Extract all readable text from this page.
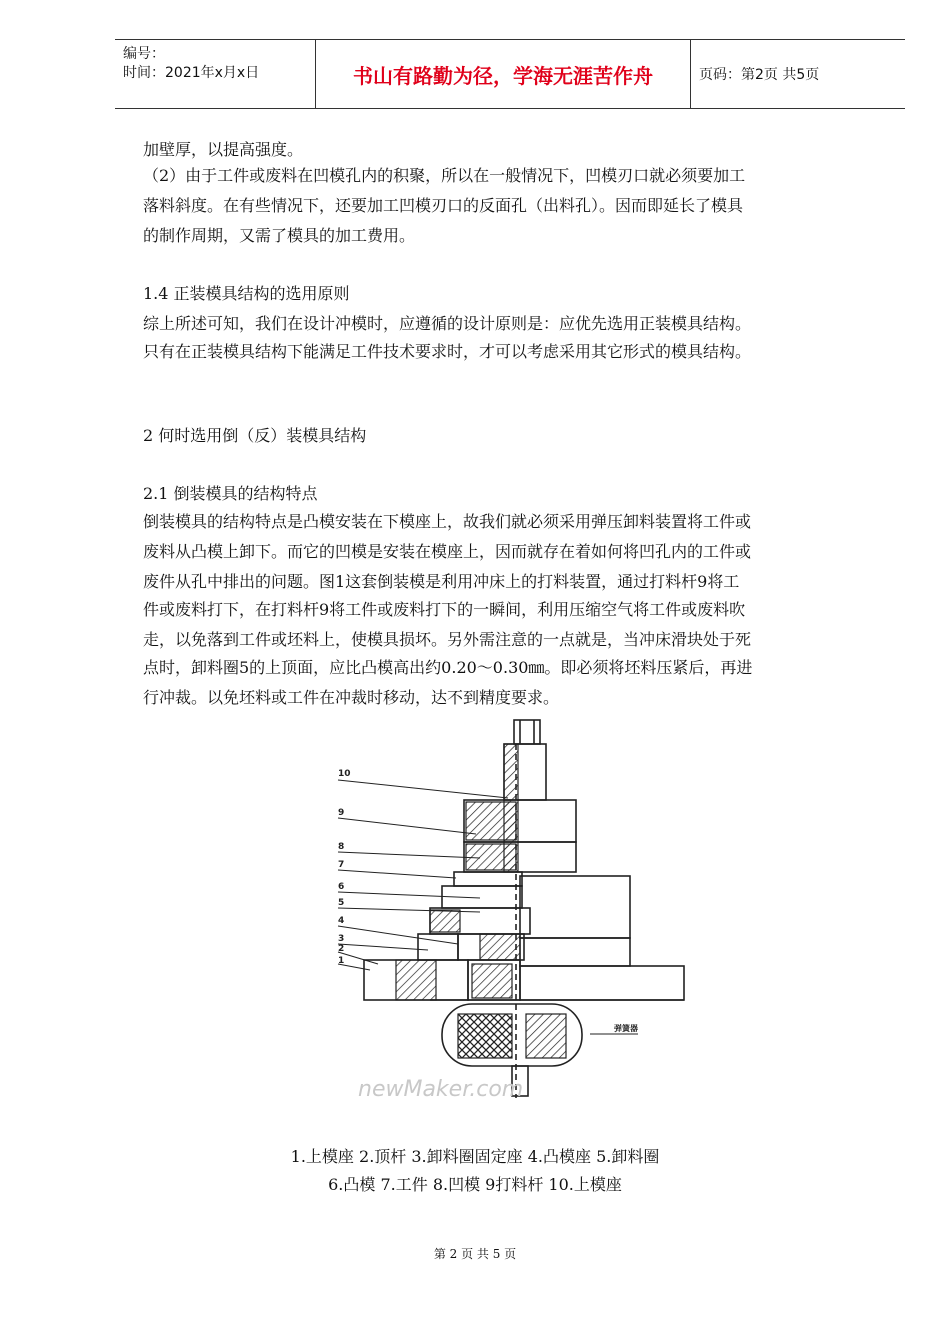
编号：
时间：2021年x月x日	书山有路勤为径，学海无涯苦作舟	页码：第2页 共5页
加壁厚，以提高强度。
（2）由于工件或废料在凹模孔内的积聚，所以在一般情况下，凹模刃口就必须要加工
落料斜度。在有些情况下，还要加工凹模刃口的反面孔（出料孔）。因而即延长了模具
的制作周期，又需了模具的加工费用。
1.4 正装模具结构的选用原则
综上所述可知，我们在设计冲模时，应遵循的设计原则是：应优先选用正装模具结构。
只有在正装模具结构下能满足工件技术要求时，才可以考虑采用其它形式的模具结构。
2 何时选用倒（反）装模具结构
2.1 倒装模具的结构特点
倒装模具的结构特点是凸模安装在下模座上，故我们就必须采用弹压卸料装置将工件或
废料从凸模上卸下。而它的凹模是安装在模座上，因而就存在着如何将凹孔内的工件或
废件从孔中排出的问题。图1这套倒装模是利用冲床上的打料装置，通过打料杆9将工
件或废料打下，在打料杆9将工件或废料打下的一瞬间，利用压缩空气将工件或废料吹
走，以免落到工件或坯料上，使模具损坏。另外需注意的一点就是，当冲床滑块处于死
点时，卸料圈5的上顶面，应比凸模高出约0.20～0.30㎜。即必须将坯料压紧后，再进
行冲裁。以免坯料或工件在冲裁时移动，达不到精度要求。
10
9
8
7
6
5
4
3
2
1
弹簧器
newMaker.com
1.上模座 2.顶杆 3.卸料圈固定座 4.凸模座 5.卸料圈
6.凸模 7.工件 8.凹模 9打料杆 10.上模座
第 2 页 共 5 页
